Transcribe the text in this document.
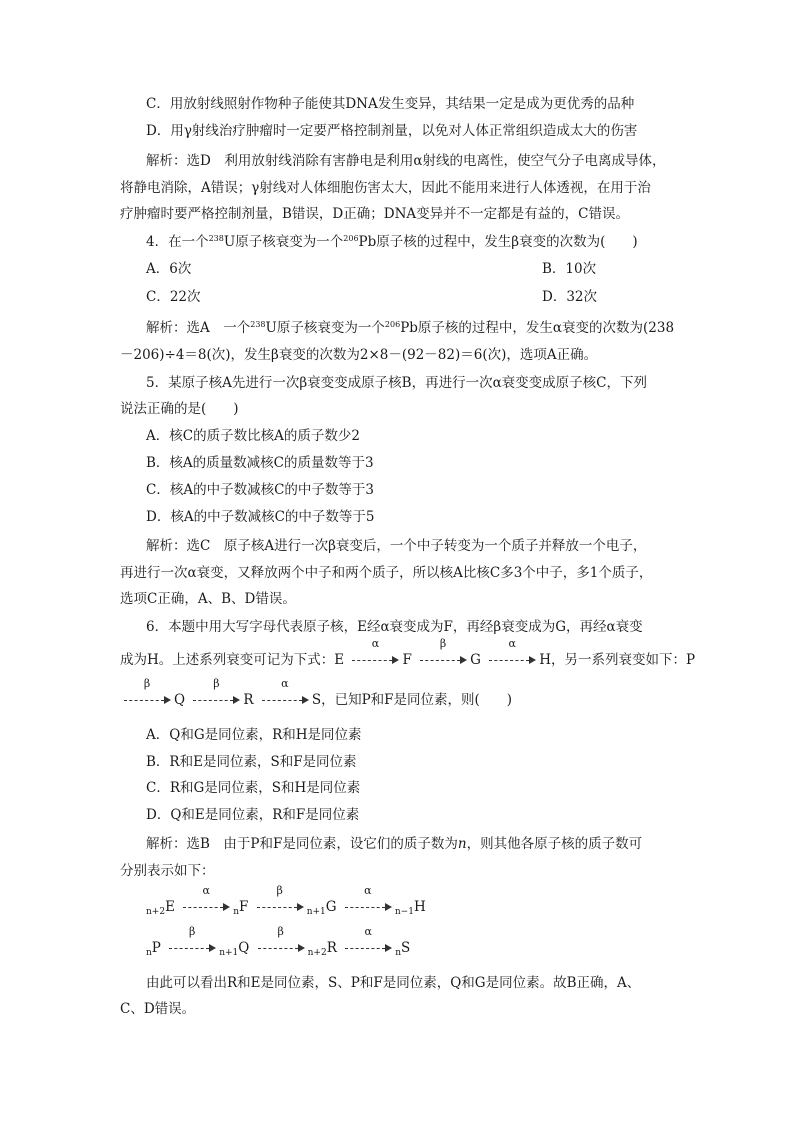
C．用放射线照射作物种子能使其DNA发生变异，其结果一定是成为更优秀的品种
D．用γ射线治疗肿瘤时一定要严格控制剂量，以免对人体正常组织造成太大的伤害
解析：选D　利用放射线消除有害静电是利用α射线的电离性，使空气分子电离成导体，
将静电消除，A错误；γ射线对人体细胞伤害太大，因此不能用来进行人体透视，在用于治
疗肿瘤时要严格控制剂量，B错误，D正确；DNA变异并不一定都是有益的，C错误。
4．在一个$^{238}$U原子核衰变为一个$^{206}$Pb原子核的过程中，发生β衰变的次数为(　　)
A．6次	B．10次
C．22次	D．32次
解析：选A　一个$^{238}$U原子核衰变为一个$^{206}$Pb原子核的过程中，发生α衰变的次数为(238
－206)÷4＝8(次)，发生β衰变的次数为2×8－(92－82)＝6(次)，选项A正确。
5．某原子核A先进行一次β衰变变成原子核B，再进行一次α衰变变成原子核C，下列
说法正确的是(　　)
A．核C的质子数比核A的质子数少2
B．核A的质量数减核C的质量数等于3
C．核A的中子数减核C的中子数等于3
D．核A的中子数减核C的中子数等于5
解析：选C　原子核A进行一次β衰变后，一个中子转变为一个质子并释放一个电子，
再进行一次α衰变，又释放两个中子和两个质子，所以核A比核C多3个中子，多1个质子，
选项C正确，A、B、D错误。
6．本题中用大写字母代表原子核，E经α衰变成为F，再经β衰变成为G，再经α衰变
成为H。上述系列衰变可记为下式：E
α
F
β
G
α
H，另一系列衰变如下：P
β
Q
β
R
α
S，已知P和F是同位素，则(　　)
A．Q和G是同位素，R和H是同位素
B．R和E是同位素，S和F是同位素
C．R和G是同位素，S和H是同位素
D．Q和E是同位素，R和F是同位素
解析：选B　由于P和F是同位素，设它们的质子数为n，则其他各原子核的质子数可
分别表示如下：
$_{n+2}$E
α
$_n$F
β
$_{n+1}$G
α
$_{n-1}$H
$_n$P
β
$_{n+1}$Q
β
$_{n+2}$R
α
$_n$S
由此可以看出R和E是同位素，S、P和F是同位素，Q和G是同位素。故B正确，A、
C、D错误。
